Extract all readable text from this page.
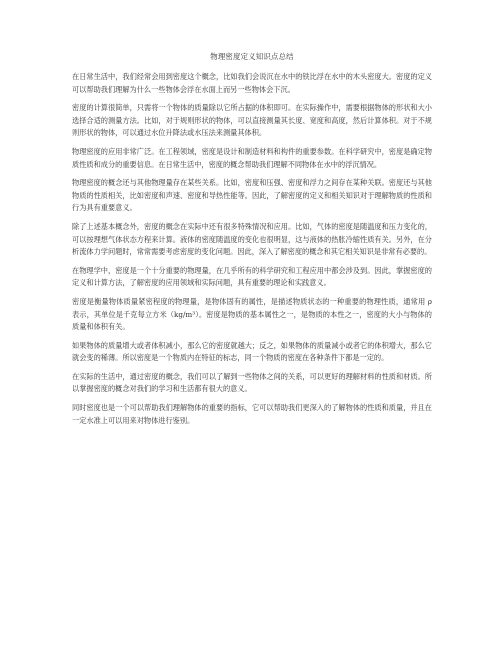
物理密度定义知识点总结

在日常生活中，我们经常会用到密度这个概念，比如我们会说沉在水中的铁比浮在水中的木头密度大。密度的定义可以帮助我们理解为什么一些物体会浮在水面上而另一些物体会下沉。

密度的计算很简单，只需将一个物体的质量除以它所占据的体积即可。在实际操作中，需要根据物体的形状和大小选择合适的测量方法。比如，对于规则形状的物体，可以直接测量其长度、宽度和高度，然后计算体积。对于不规则形状的物体，可以通过水位升降法或水压法来测量其体积。

物理密度的应用非常广泛。在工程领域，密度是设计和制造材料和构件的重要参数。在科学研究中，密度是确定物质性质和成分的重要信息。在日常生活中，密度的概念帮助我们理解不同物体在水中的浮沉情况。

物理密度的概念还与其他物理量存在某些关系。比如，密度和压强、密度和浮力之间存在某种关联。密度还与其他物质的性质相关，比如密度和声速、密度和导热性能等。因此，了解密度的定义和相关知识对于理解物质的性质和行为具有重要意义。

除了上述基本概念外，密度的概念在实际中还有很多特殊情况和应用。比如，气体的密度是随温度和压力变化的，可以按理想气体状态方程来计算。液体的密度随温度的变化也很明显，这与液体的热胀冷缩性质有关。另外，在分析流体力学问题时，常常需要考虑密度的变化问题。因此，深入了解密度的概念和其它相关知识是非常有必要的。

在物理学中，密度是一个十分重要的物理量，在几乎所有的科学研究和工程应用中都会涉及到。因此，掌握密度的定义和计算方法，了解密度的应用领域和实际问题，具有重要的理论和实践意义。

密度是衡量物体质量紧密程度的物理量，是物体固有的属性，是描述物质状态的一种重要的物理性质，通常用 ρ 表示，其单位是千克每立方米（kg/m³）。密度是物质的基本属性之一，是物质的本性之一，密度的大小与物体的质量和体积有关。

如果物体的质量增大或者体积减小，那么它的密度就越大；反之，如果物体的质量减小或者它的体积增大，那么它就会变的稀薄。所以密度是一个物质内在特征的标志，同一个物质的密度在各种条件下都是一定的。

在实际的生活中，通过密度的概念，我们可以了解到一些物体之间的关系，可以更好的理解材料的性质和材质。所以掌握密度的概念对我们的学习和生活都有很大的意义。

同时密度也是一个可以帮助我们理解物体的重要的指标，它可以帮助我们更深入的了解物体的性质和质量，并且在一定水准上可以用来对物体进行鉴别。
